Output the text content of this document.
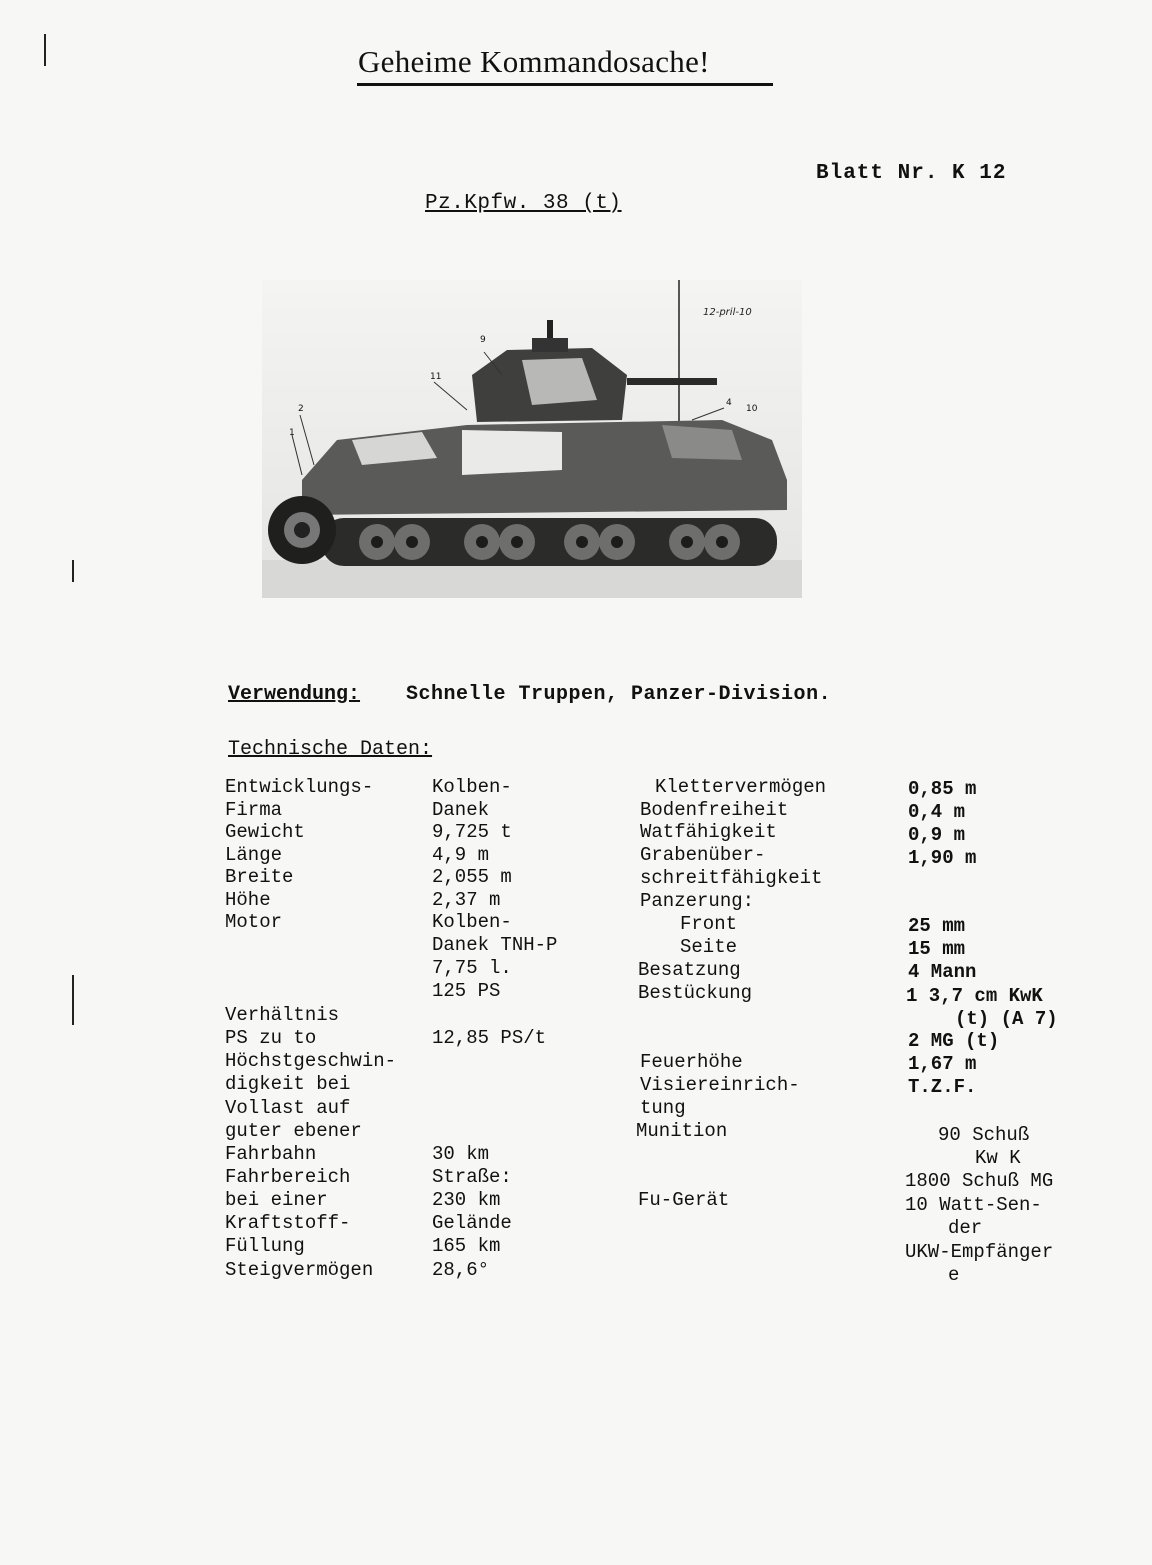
Geheime Kommandosache!
Blatt Nr. K 12
Pz.Kpfw. 38 (t)
12-pril-10
9
11
2
1
4
10
Verwendung: Schnelle Truppen, Panzer-Division.
Technische Daten:
Entwicklungs-
Firma
Gewicht
Länge
Breite
Höhe
Motor
Verhältnis
PS zu to
Höchstgeschwin-
digkeit bei
Vollast auf
guter ebener
Fahrbahn
Fahrbereich
bei einer
Kraftstoff-
Füllung
Steigvermögen
Kolben-
Danek
9,725 t
4,9 m
2,055 m
2,37 m
Kolben-
Danek TNH-P
7,75 l.
125 PS
12,85 PS/t
30 km
Straße:
230 km
Gelände
165 km
28,6°
Klettervermögen
Bodenfreiheit
Watfähigkeit
Grabenüber-
schreitfähigkeit
Panzerung:
Front
Seite
Besatzung
Bestückung
Feuerhöhe
Visiereinrich-
tung
Munition
Fu-Gerät
0,85 m
0,4 m
0,9 m
1,90 m
25 mm
15 mm
4 Mann
1 3,7 cm KwK
(t) (A 7)
2 MG (t)
1,67 m
T.Z.F.
90 Schuß
Kw K
1800 Schuß MG
10 Watt-Sen-
der
UKW-Empfänger
e
